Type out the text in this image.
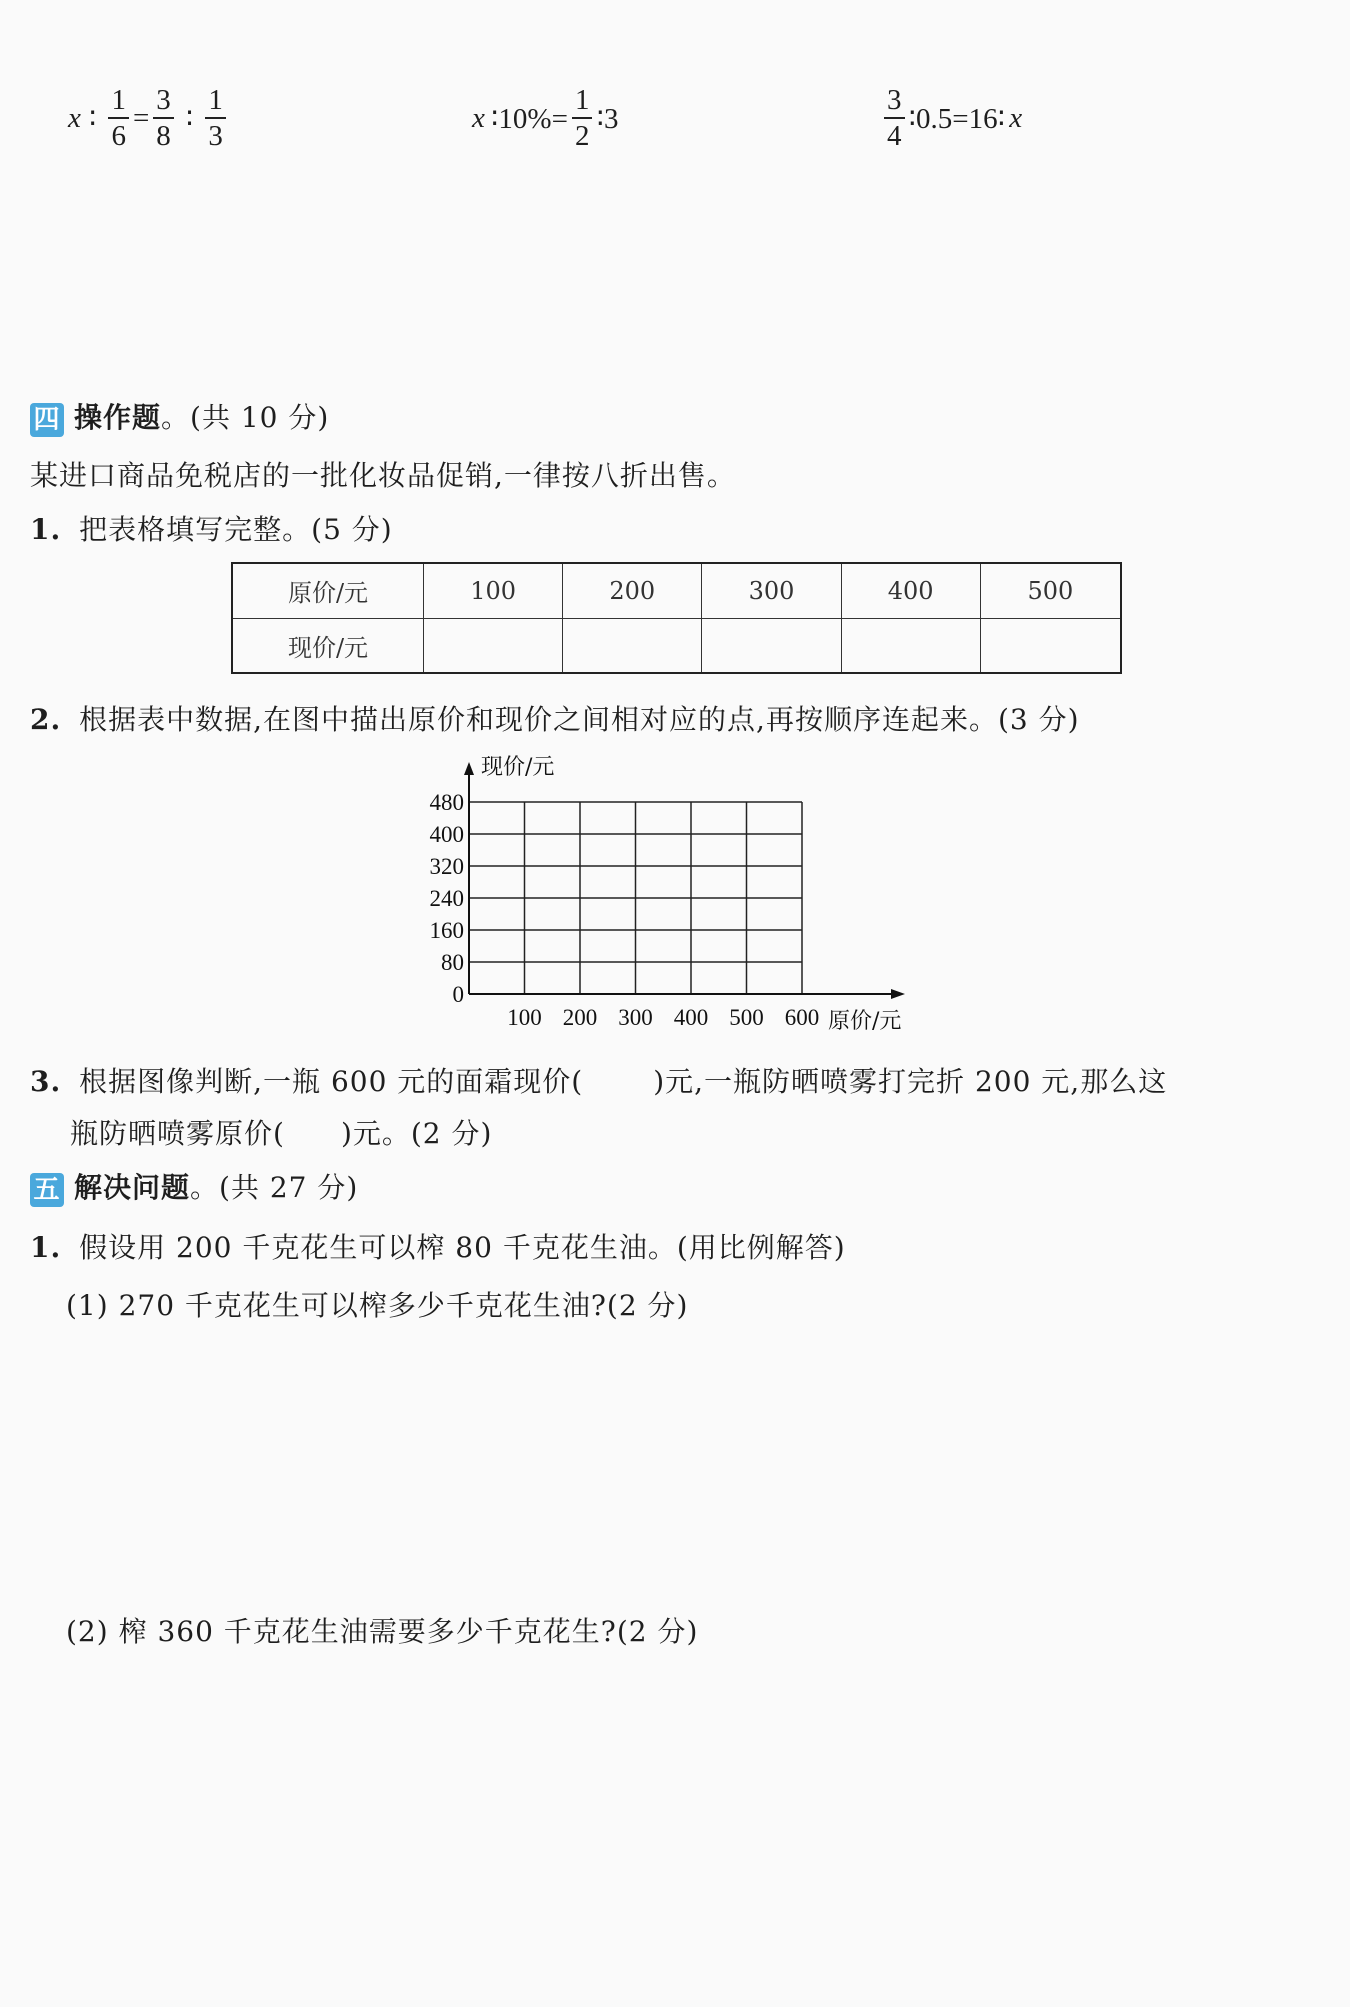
x ∶ $\frac{1}{6} = \frac{3}{8}$ ∶ $\frac{1}{3}$	x ∶10%= $\frac{1}{2}$ ∶3	$\frac{3}{4}$ ∶0.5=16∶ x
四 操作题。(共 10 分)
某进口商品免税店的一批化妆品促销,一律按八折出售。
1. 把表格填写完整。(5 分)
原价/元	100	200	300	400	500
现价/元					
2. 根据表中数据,在图中描出原价和现价之间相对应的点,再按顺序连起来。(3 分)
0
80
160
240
320
400
480
100 200 300 400 500 600 原价/元
现价/元
3. 根据图像判断,一瓶 600 元的面霜现价(	)元,一瓶防晒喷雾打完折 200 元,那么这
瓶防晒喷雾原价( )元。(2 分)
五 解决问题。(共 27 分)
1. 假设用 200 千克花生可以榨 80 千克花生油。(用比例解答)
(1) 270 千克花生可以榨多少千克花生油?(2 分)
(2) 榨 360 千克花生油需要多少千克花生?(2 分)
